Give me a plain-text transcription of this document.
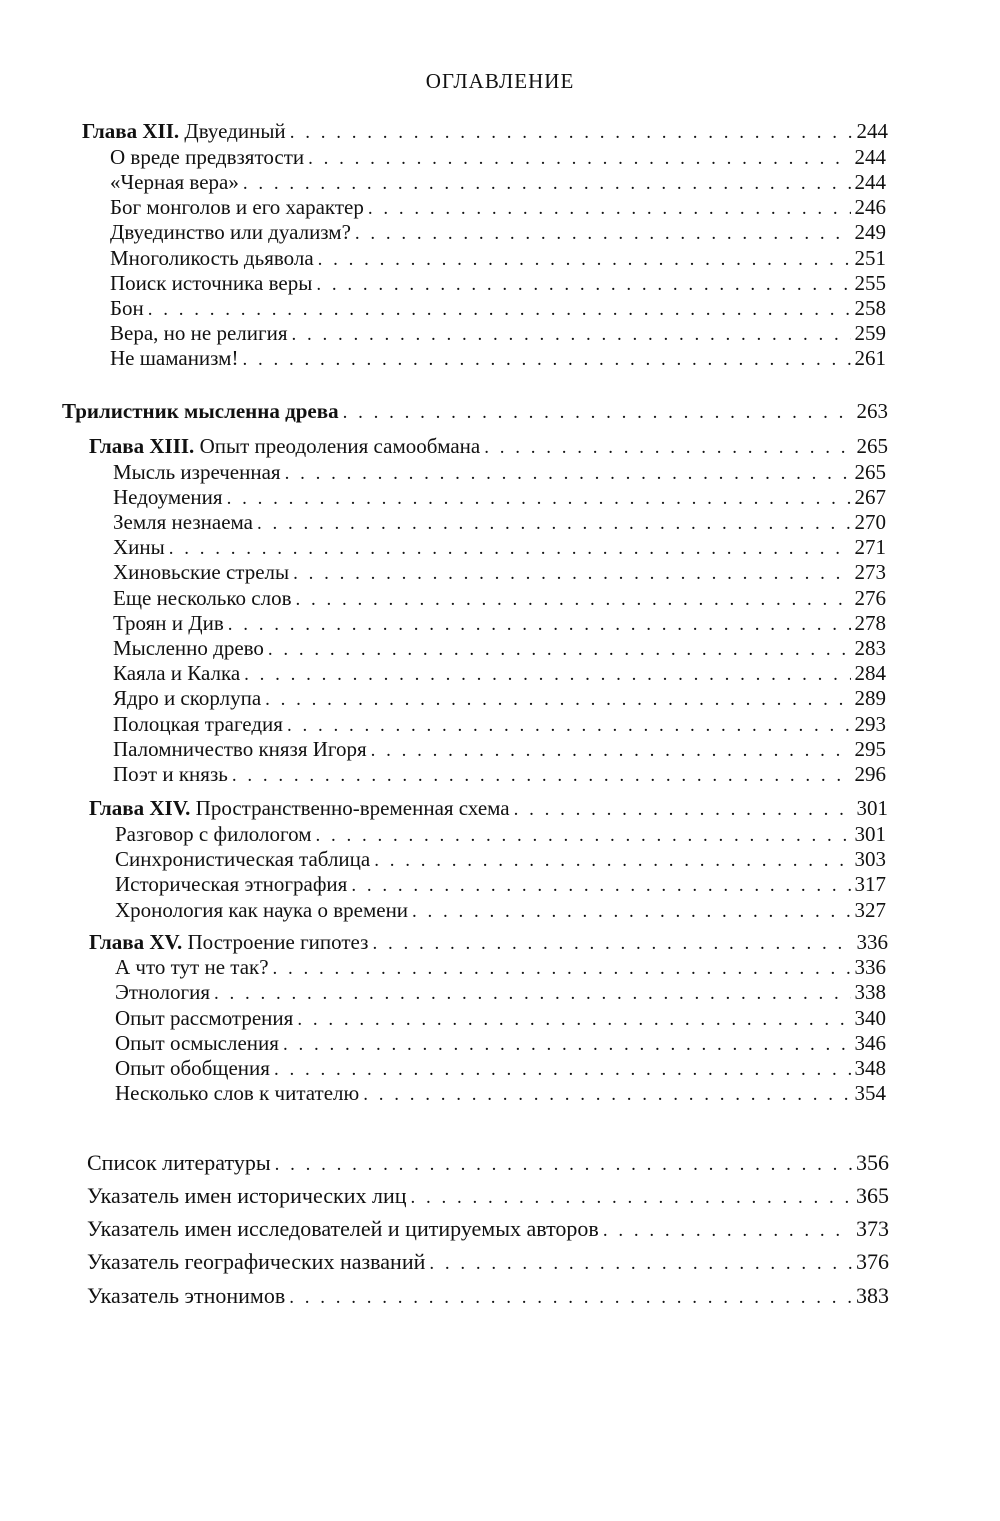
ОГЛАВЛЕНИЕ
Глава XII. Двуединый . . .	244
О вреде предвзятости . . .	244
«Черная вера» . . .	244
Бог монголов и его характер . . .	246
Двуединство или дуализм? . . .	249
Многоликость дьявола . . .	251
Поиск источника веры . . .	255
Бон . . .	258
Вера, но не религия . . .	259
Не шаманизм! . . .	261
Трилистник мысленна древа . . .	263
Глава XIII. Опыт преодоления самообмана . . .	265
Мысль изреченная . . .	265
Недоумения . . .	267
Земля незнаема . . .	270
Хины . . .	271
Хиновьские стрелы . . .	273
Еще несколько слов . . .	276
Троян и Див . . .	278
Мысленно древо . . .	283
Каяла и Калка . . .	284
Ядро и скорлупа . . .	289
Полоцкая трагедия . . .	293
Паломничество князя Игоря . . .	295
Поэт и князь . . .	296
Глава XIV. Пространственно-временная схема . . .	301
Разговор с филологом . . .	301
Синхронистическая таблица . . .	303
Историческая этнография . . .	317
Хронология как наука о времени . . .	327
Глава XV. Построение гипотез . . .	336
А что тут не так? . . .	336
Этнология . . .	338
Опыт рассмотрения . . .	340
Опыт осмысления . . .	346
Опыт обобщения . . .	348
Несколько слов к читателю . . .	354
Список литературы . . .	356
Указатель имен исторических лиц . . .	365
Указатель имен исследователей и цитируемых авторов . . .	373
Указатель географических названий . . .	376
Указатель этнонимов . . .	383
